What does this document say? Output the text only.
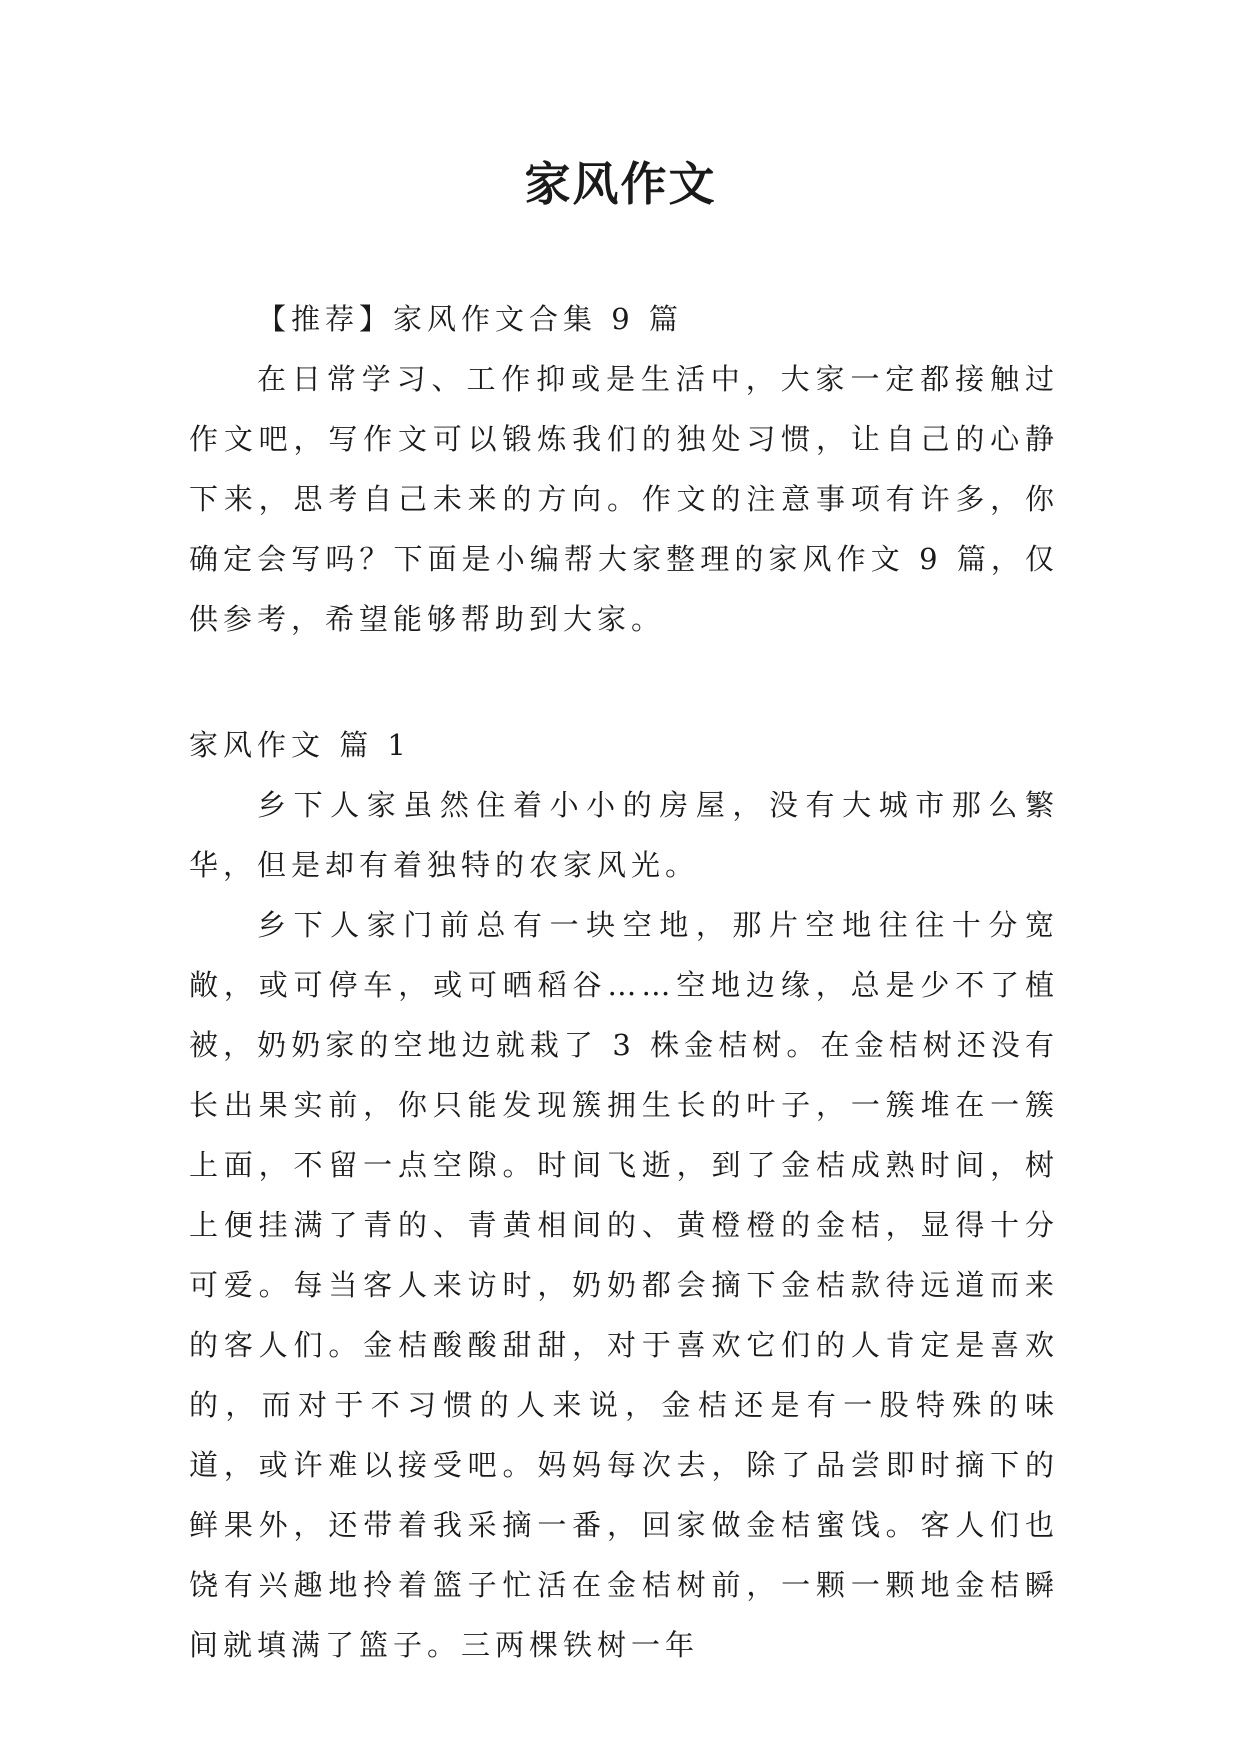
家风作文

【推荐】家风作文合集 9 篇

在日常学习、工作抑或是生活中，大家一定都接触过作文吧，写作文可以锻炼我们的独处习惯，让自己的心静下来，思考自己未来的方向。作文的注意事项有许多，你确定会写吗？下面是小编帮大家整理的家风作文 9 篇，仅供参考，希望能够帮助到大家。

家风作文 篇 1

乡下人家虽然住着小小的房屋，没有大城市那么繁华，但是却有着独特的农家风光。

乡下人家门前总有一块空地，那片空地往往十分宽敞，或可停车，或可晒稻谷……空地边缘，总是少不了植被，奶奶家的空地边就栽了 3 株金桔树。在金桔树还没有长出果实前，你只能发现簇拥生长的叶子，一簇堆在一簇上面，不留一点空隙。时间飞逝，到了金桔成熟时间，树上便挂满了青的、青黄相间的、黄橙橙的金桔，显得十分可爱。每当客人来访时，奶奶都会摘下金桔款待远道而来的客人们。金桔酸酸甜甜，对于喜欢它们的人肯定是喜欢的，而对于不习惯的人来说，金桔还是有一股特殊的味道，或许难以接受吧。妈妈每次去，除了品尝即时摘下的鲜果外，还带着我采摘一番，回家做金桔蜜饯。客人们也饶有兴趣地拎着篮子忙活在金桔树前，一颗一颗地金桔瞬间就填满了篮子。三两棵铁树一年
